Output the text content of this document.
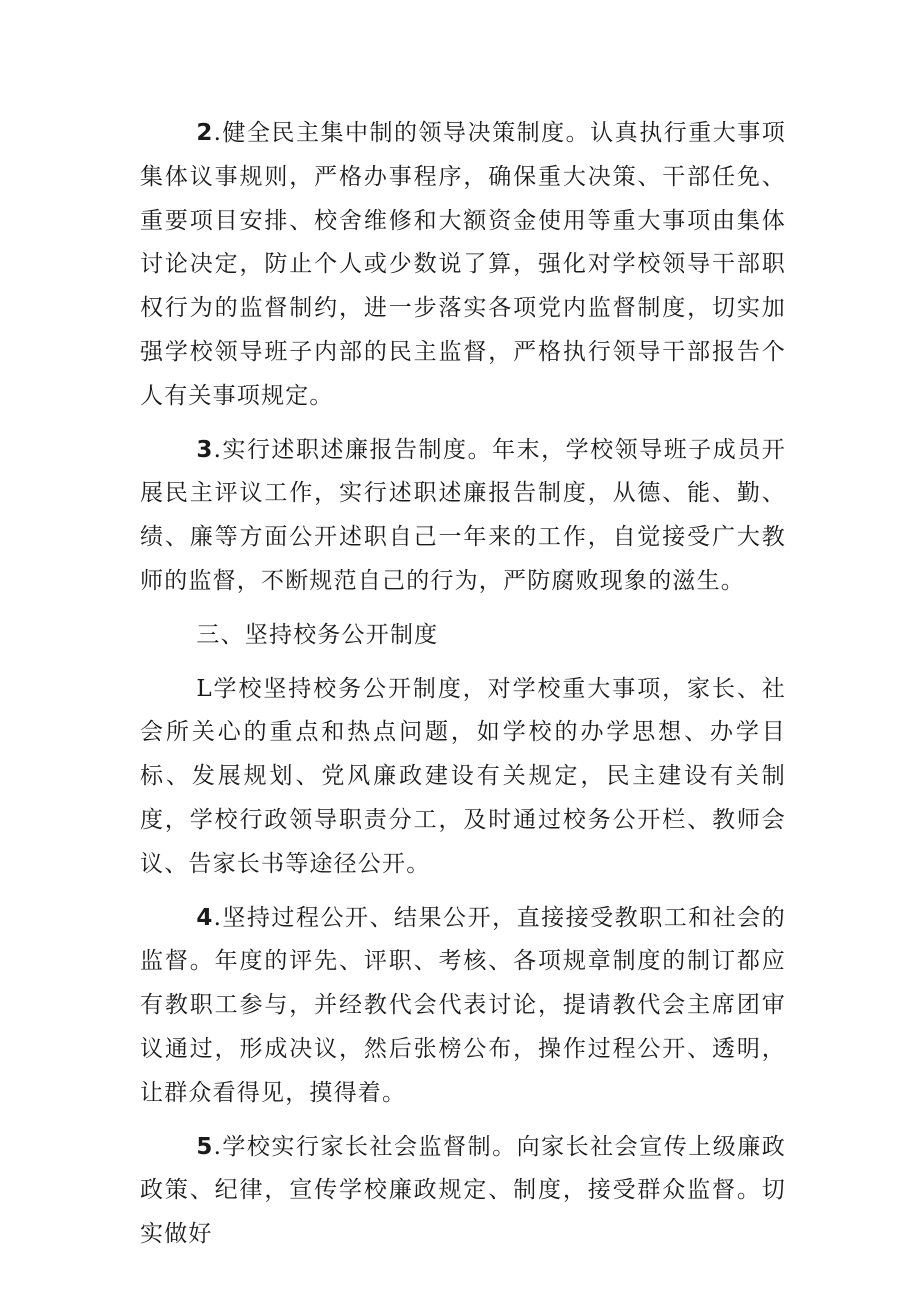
2.健全民主集中制的领导决策制度。认真执行重大事项集体议事规则，严格办事程序，确保重大决策、干部任免、重要项目安排、校舍维修和大额资金使用等重大事项由集体讨论决定，防止个人或少数说了算，强化对学校领导干部职权行为的监督制约，进一步落实各项党内监督制度，切实加强学校领导班子内部的民主监督，严格执行领导干部报告个人有关事项规定。

3.实行述职述廉报告制度。年末，学校领导班子成员开展民主评议工作，实行述职述廉报告制度，从德、能、勤、绩、廉等方面公开述职自己一年来的工作，自觉接受广大教师的监督，不断规范自己的行为，严防腐败现象的滋生。

三、坚持校务公开制度

L学校坚持校务公开制度，对学校重大事项，家长、社会所关心的重点和热点问题，如学校的办学思想、办学目标、发展规划、党风廉政建设有关规定，民主建设有关制度，学校行政领导职责分工，及时通过校务公开栏、教师会议、告家长书等途径公开。

4.坚持过程公开、结果公开，直接接受教职工和社会的监督。年度的评先、评职、考核、各项规章制度的制订都应有教职工参与，并经教代会代表讨论，提请教代会主席团审议通过，形成决议，然后张榜公布，操作过程公开、透明，让群众看得见，摸得着。

5.学校实行家长社会监督制。向家长社会宣传上级廉政政策、纪律，宣传学校廉政规定、制度，接受群众监督。切实做好
